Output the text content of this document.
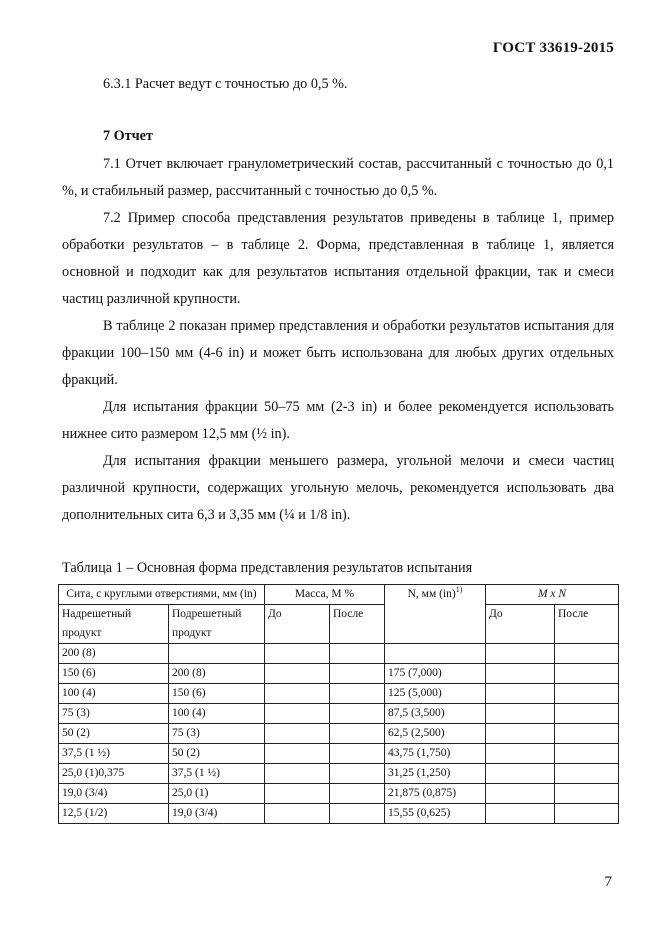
ГОСТ 33619-2015

6.3.1 Расчет ведут с точностью до 0,5 %.

7 Отчет

7.1 Отчет включает гранулометрический состав, рассчитанный с точностью до 0,1 %, и стабильный размер, рассчитанный с точностью до 0,5 %.

7.2 Пример способа представления результатов приведены в таблице 1, пример обработки результатов – в таблице 2. Форма, представленная в таблице 1, является основной и подходит как для результатов испытания отдельной фракции, так и смеси частиц различной крупности.

В таблице 2 показан пример представления и обработки результатов испытания для фракции 100–150 мм (4-6 in) и может быть использована для любых других отдельных фракций.

Для испытания фракции 50–75 мм (2-3 in) и более рекомендуется использовать нижнее сито размером 12,5 мм (½ in).

Для испытания фракции меньшего размера, угольной мелочи и смеси частиц различной крупности, содержащих угольную мелочь, рекомендуется использовать два дополнительных сита 6,3 и 3,35 мм (¼ и 1/8 in).

Таблица 1 – Основная форма представления результатов испытания
Сита, с круглыми отверстиями, мм (in)		Масса, M %		N, мм (in)$^{1)}$	M x N	
Надрешетный продукт	Подрешетный продукт	До	После		До	После
200 (8)						
150 (6)	200 (8)			175 (7,000)		
100 (4)	150 (6)			125 (5,000)		
75 (3)	100 (4)			87,5 (3,500)		
50 (2)	75 (3)			62,5 (2,500)		
37,5 (1 ½)	50 (2)			43,75 (1,750)		
25,0 (1)0,375	37,5 (1 ½)			31,25 (1,250)		
19,0 (3/4)	25,0 (1)			21,875 (0,875)		
12,5 (1/2)	19,0 (3/4)			15,55 (0,625)		
7
